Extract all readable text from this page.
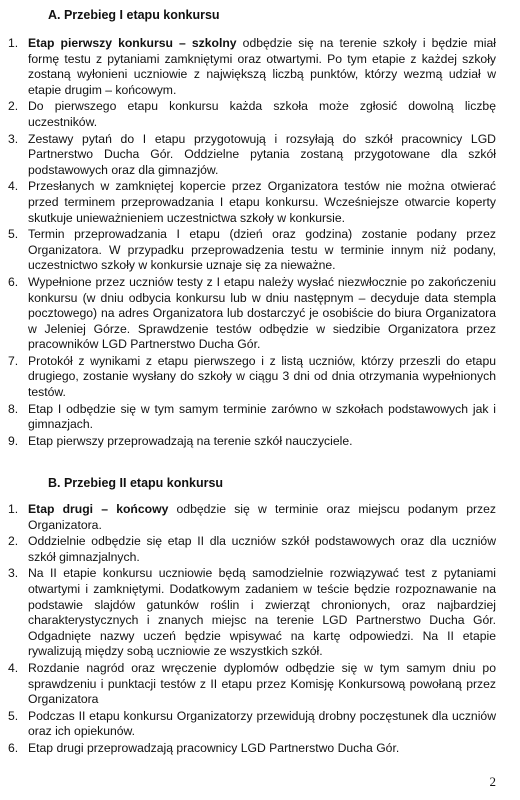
A. Przebieg I etapu konkursu
1. Etap pierwszy konkursu – szkolny odbędzie się na terenie szkoły i będzie miał formę testu z pytaniami zamkniętymi oraz otwartymi. Po tym etapie z każdej szkoły zostaną wyłonieni uczniowie z największą liczbą punktów, którzy wezmą udział w etapie drugim – końcowym.
2. Do pierwszego etapu konkursu każda szkoła może zgłosić dowolną liczbę uczestników.
3. Zestawy pytań do I etapu przygotowują i rozsyłają do szkół pracownicy LGD Partnerstwo Ducha Gór. Oddzielne pytania zostaną przygotowane dla szkół podstawowych oraz dla gimnazjów.
4. Przesłanych w zamkniętej kopercie przez Organizatora testów nie można otwierać przed terminem przeprowadzania I etapu konkursu. Wcześniejsze otwarcie koperty skutkuje unieważnieniem uczestnictwa szkoły w konkursie.
5. Termin przeprowadzania I etapu (dzień oraz godzina) zostanie podany przez Organizatora. W przypadku przeprowadzenia testu w terminie innym niż podany, uczestnictwo szkoły w konkursie uznaje się za nieważne.
6. Wypełnione przez uczniów testy z I etapu należy wysłać niezwłocznie po zakończeniu konkursu (w dniu odbycia konkursu lub w dniu następnym – decyduje data stempla pocztowego) na adres Organizatora lub dostarczyć je osobiście do biura Organizatora w Jeleniej Górze. Sprawdzenie testów odbędzie w siedzibie Organizatora przez pracowników LGD Partnerstwo Ducha Gór.
7. Protokół z wynikami z etapu pierwszego i z listą uczniów, którzy przeszli do etapu drugiego, zostanie wysłany do szkoły w ciągu 3 dni od dnia otrzymania wypełnionych testów.
8. Etap I odbędzie się w tym samym terminie zarówno w szkołach podstawowych jak i gimnazjach.
9. Etap pierwszy przeprowadzają na terenie szkół nauczyciele.
B. Przebieg II etapu konkursu
1. Etap drugi – końcowy odbędzie się w terminie oraz miejscu podanym przez Organizatora.
2. Oddzielnie odbędzie się etap II dla uczniów szkół podstawowych oraz dla uczniów szkół gimnazjalnych.
3. Na II etapie konkursu uczniowie będą samodzielnie rozwiązywać test z pytaniami otwartymi i zamkniętymi. Dodatkowym zadaniem w teście będzie rozpoznawanie na podstawie slajdów gatunków roślin i zwierząt chronionych, oraz najbardziej charakterystycznych i znanych miejsc na terenie LGD Partnerstwo Ducha Gór. Odgadnięte nazwy uczeń będzie wpisywać na kartę odpowiedzi. Na II etapie rywalizują między sobą uczniowie ze wszystkich szkół.
4. Rozdanie nagród oraz wręczenie dyplomów odbędzie się w tym samym dniu po sprawdzeniu i punktacji testów z II etapu przez Komisję Konkursową powołaną przez Organizatora
5. Podczas II etapu konkursu Organizatorzy przewidują drobny poczęstunek dla uczniów oraz ich opiekunów.
6. Etap drugi przeprowadzają pracownicy LGD Partnerstwo Ducha Gór.
2
